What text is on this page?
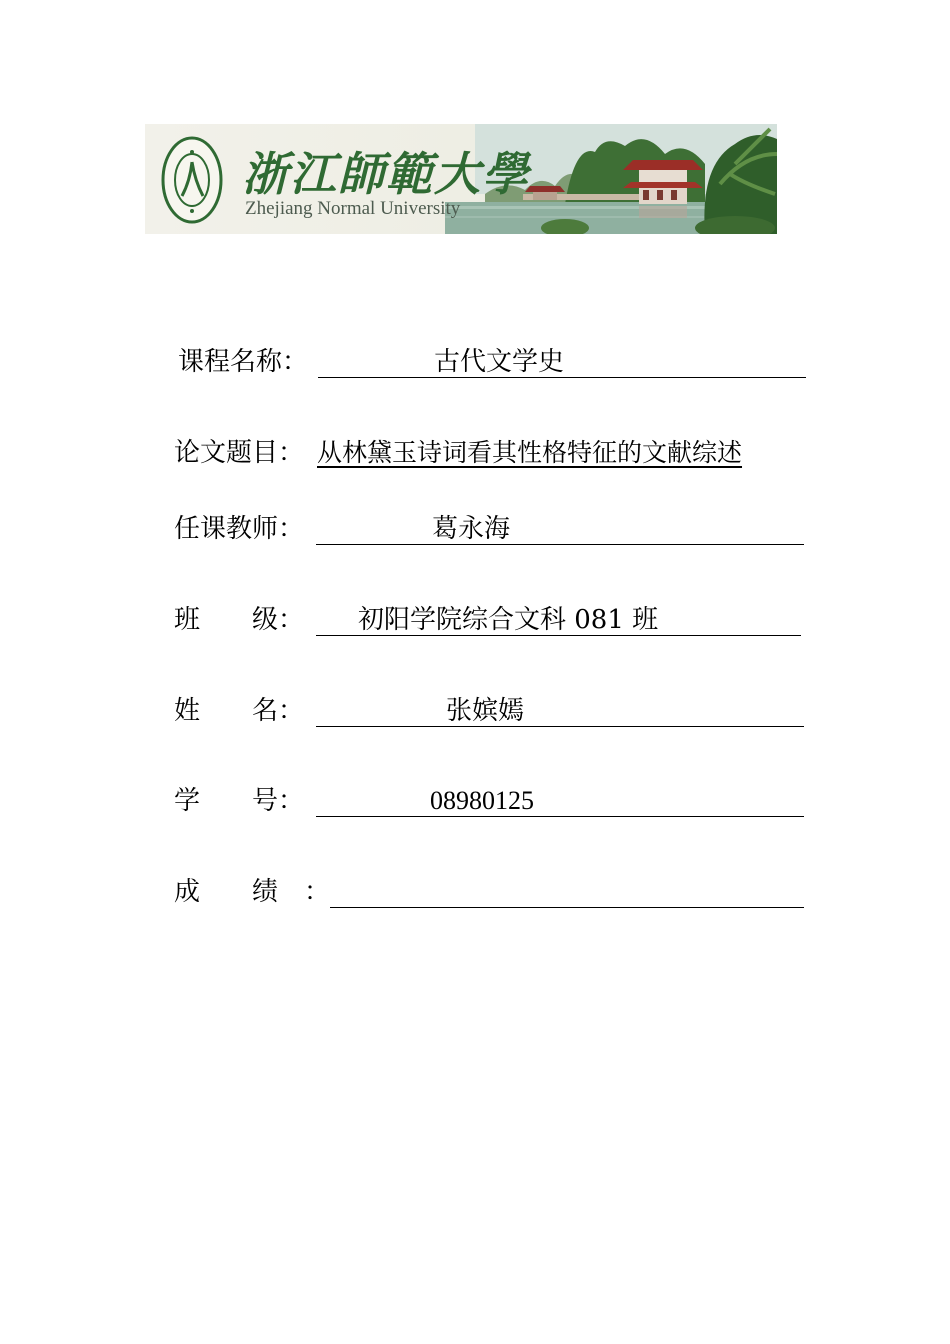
浙江師範大學
Zhejiang Normal University
课程名称：	古代文学史
论文题目： 从林黛玉诗词看其性格特征的文献综述
任课教师：	葛永海
班　　级： 初阳学院综合文科 081 班
姓　　名：	张嫔嫣
学　　号：	08980125
成　　绩　：
